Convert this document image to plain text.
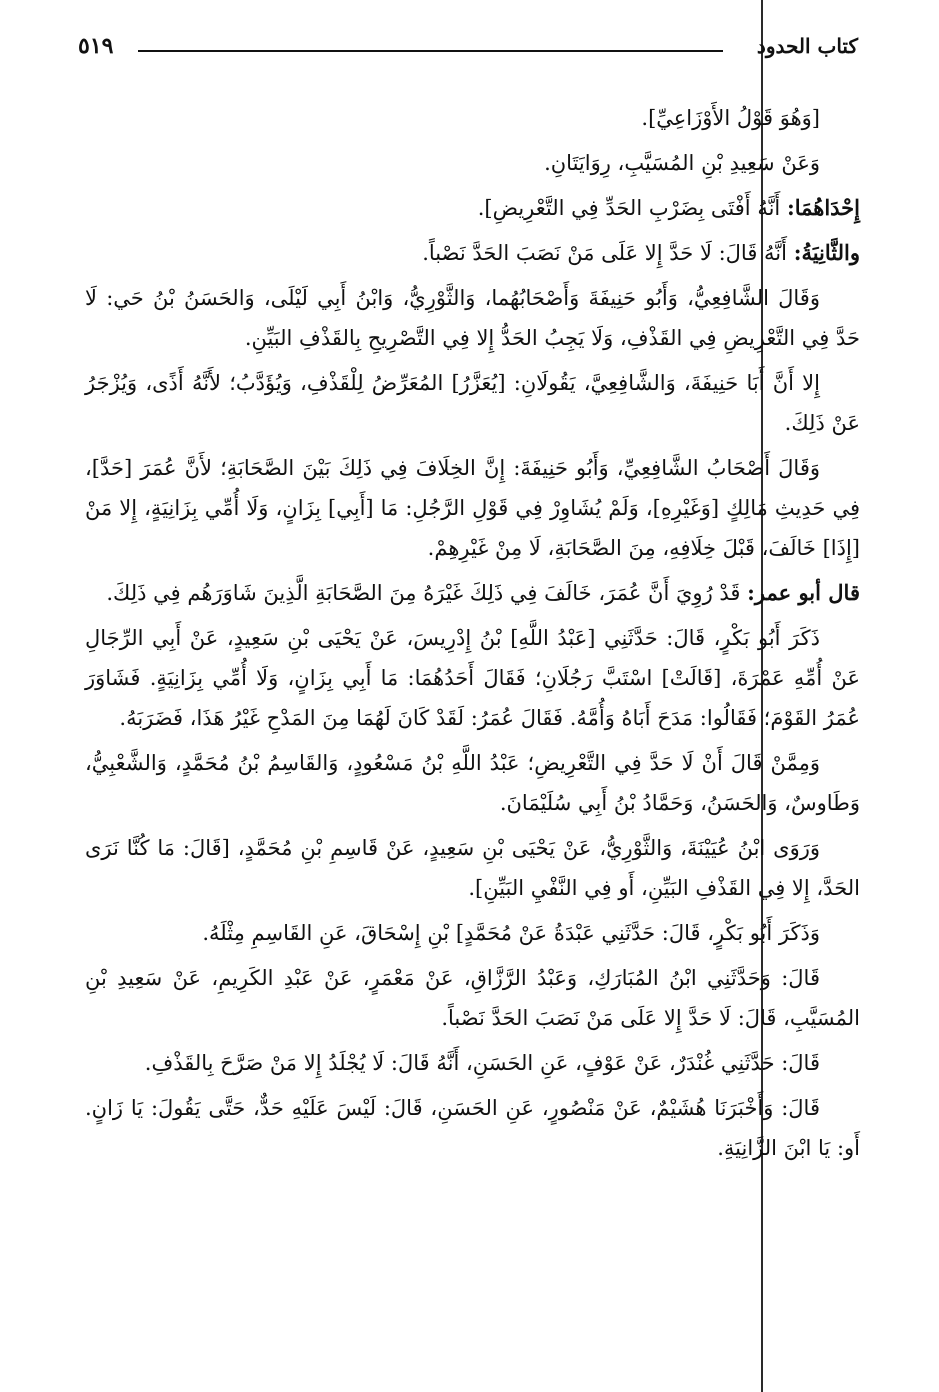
كتاب الحدود
٥١٩

[وَهُوَ قَوْلُ الأَوْزَاعِيِّ].

وَعَنْ سَعِيدِ بْنِ المُسَيَّبِ، رِوَايَتَانِ.

إِحْدَاهُمَا: أَنَّهُ أَفْتَى بِضَرْبِ الحَدِّ فِي التَّعْرِيضِ].

والثَّانِيَةُ: أَنَّهُ قَالَ: لَا حَدَّ إِلا عَلَى مَنْ نَصَبَ الحَدَّ نَصْباً.

وَقَالَ الشَّافِعِيُّ، وَأَبُو حَنِيفَةَ وَأَصْحَابُهُما، وَالثَّوْرِيُّ، وَابْنُ أَبِي لَيْلَى، وَالحَسَنُ بْنُ حَي: لَا حَدَّ فِي التَّعْرِيضِ فِي القَذْفِ، وَلَا يَجِبُ الحَدُّ إِلا فِي التَّصْرِيحِ بِالقَذْفِ البَيِّنِ.

إِلا أَنَّ أَبَا حَنِيفَةَ، وَالشَّافِعِيَّ، يَقُولَانِ: [يُعَزَّرُ] المُعَرِّضُ لِلْقَذْفِ، وَيُؤَدَّبُ؛ لأَنَّهُ أَذًى، وَيُزْجَرُ عَنْ ذَلِكَ.

وَقَالَ أَصْحَابُ الشَّافِعِيِّ، وَأَبُو حَنِيفَةَ: إِنَّ الخِلَافَ فِي ذَلِكَ بَيْنَ الصَّحَابَةِ؛ لأَنَّ عُمَرَ [حَدَّ]، فِي حَدِيثِ مَالِكٍ [وَغَيْرِهِ]، وَلَمْ يُشَاوِرْ فِي قَوْلِ الرَّجُلِ: مَا [أَبِي] بِزَانٍ، وَلَا أُمِّي بِزَانِيَةٍ، إِلا مَنْ [إِذَا] خَالَفَ، قَبْلَ خِلَافِهِ، مِنَ الصَّحَابَةِ، لَا مِنْ غَيْرِهِمْ.

قال أبو عمر: قَدْ رُوِيَ أَنَّ عُمَرَ، خَالَفَ فِي ذَلِكَ غَيْرَهُ مِنَ الصَّحَابَةِ الَّذِينَ شَاوَرَهُم فِي ذَلِكَ.

ذَكَرَ أَبُو بَكْرٍ، قَالَ: حَدَّثَنِي [عَبْدُ اللَّهِ] بْنُ إِدْرِيسَ، عَنْ يَحْيَى بْنِ سَعِيدٍ، عَنْ أَبِي الرِّجَالِ عَنْ أُمِّهِ عَمْرَةَ، [قَالَتْ] اسْتَبَّ رَجُلَانِ؛ فَقَالَ أَحَدُهُمَا: مَا أَبِي بِزَانٍ، وَلَا أُمِّي بِزَانِيَةٍ. فَشَاوَرَ عُمَرُ القَوْمَ؛ فَقَالُوا: مَدَحَ أَبَاهُ وَأُمَّهُ. فَقَالَ عُمَرُ: لَقَدْ كَانَ لَهُمَا مِنَ المَدْحِ غَيْرُ هَذَا، فَضَرَبَهُ.

وَمِمَّنْ قَالَ أَنْ لَا حَدَّ فِي التَّعْرِيضِ؛ عَبْدُ اللَّهِ بْنُ مَسْعُودٍ، وَالقَاسِمُ بْنُ مُحَمَّدٍ، وَالشَّعْبِيُّ، وَطَاوسٌ، وَالحَسَنُ، وَحَمَّادُ بْنُ أَبِي سُلَيْمَانَ.

وَرَوَى ابْنُ عُيَيْنَةَ، وَالثَّوْرِيُّ، عَنْ يَحْيَى بْنِ سَعِيدٍ، عَنْ قَاسِمِ بْنِ مُحَمَّدٍ، [قَالَ: مَا كُنَّا نَرَى الحَدَّ، إِلا فِي القَذْفِ البَيِّنِ، أَو فِي النَّفْيِ البَيِّنِ].

وَذَكَرَ أَبُو بَكْرٍ، قَالَ: حَدَّثَنِي عَبْدَةُ عَنْ مُحَمَّدٍ] بْنِ إِسْحَاقَ، عَنِ القَاسِمِ مِثْلَهُ.

قَالَ: وَحَدَّثَنِي ابْنُ المُبَارَكِ، وَعَبْدُ الرَّزَّاقِ، عَنْ مَعْمَرٍ، عَنْ عَبْدِ الكَرِيمِ، عَنْ سَعِيدِ بْنِ المُسَيَّبِ، قَالَ: لَا حَدَّ إِلا عَلَى مَنْ نَصَبَ الحَدَّ نَصْباً.

قَالَ: حَدَّثَنِي غُنْدَرٌ، عَنْ عَوْفٍ، عَنِ الحَسَنِ، أَنَّهُ قَالَ: لَا يُجْلَدُ إِلا مَنْ صَرَّحَ بِالقَذْفِ.

قَالَ: وَأَخْبَرَنَا هُشَيْمٌ، عَنْ مَنْصُورٍ، عَنِ الحَسَنِ، قَالَ: لَيْسَ عَلَيْهِ حَدٌّ، حَتَّى يَقُولَ: يَا زَانٍ. أَو: يَا ابْنَ الزَّانِيَةِ.
